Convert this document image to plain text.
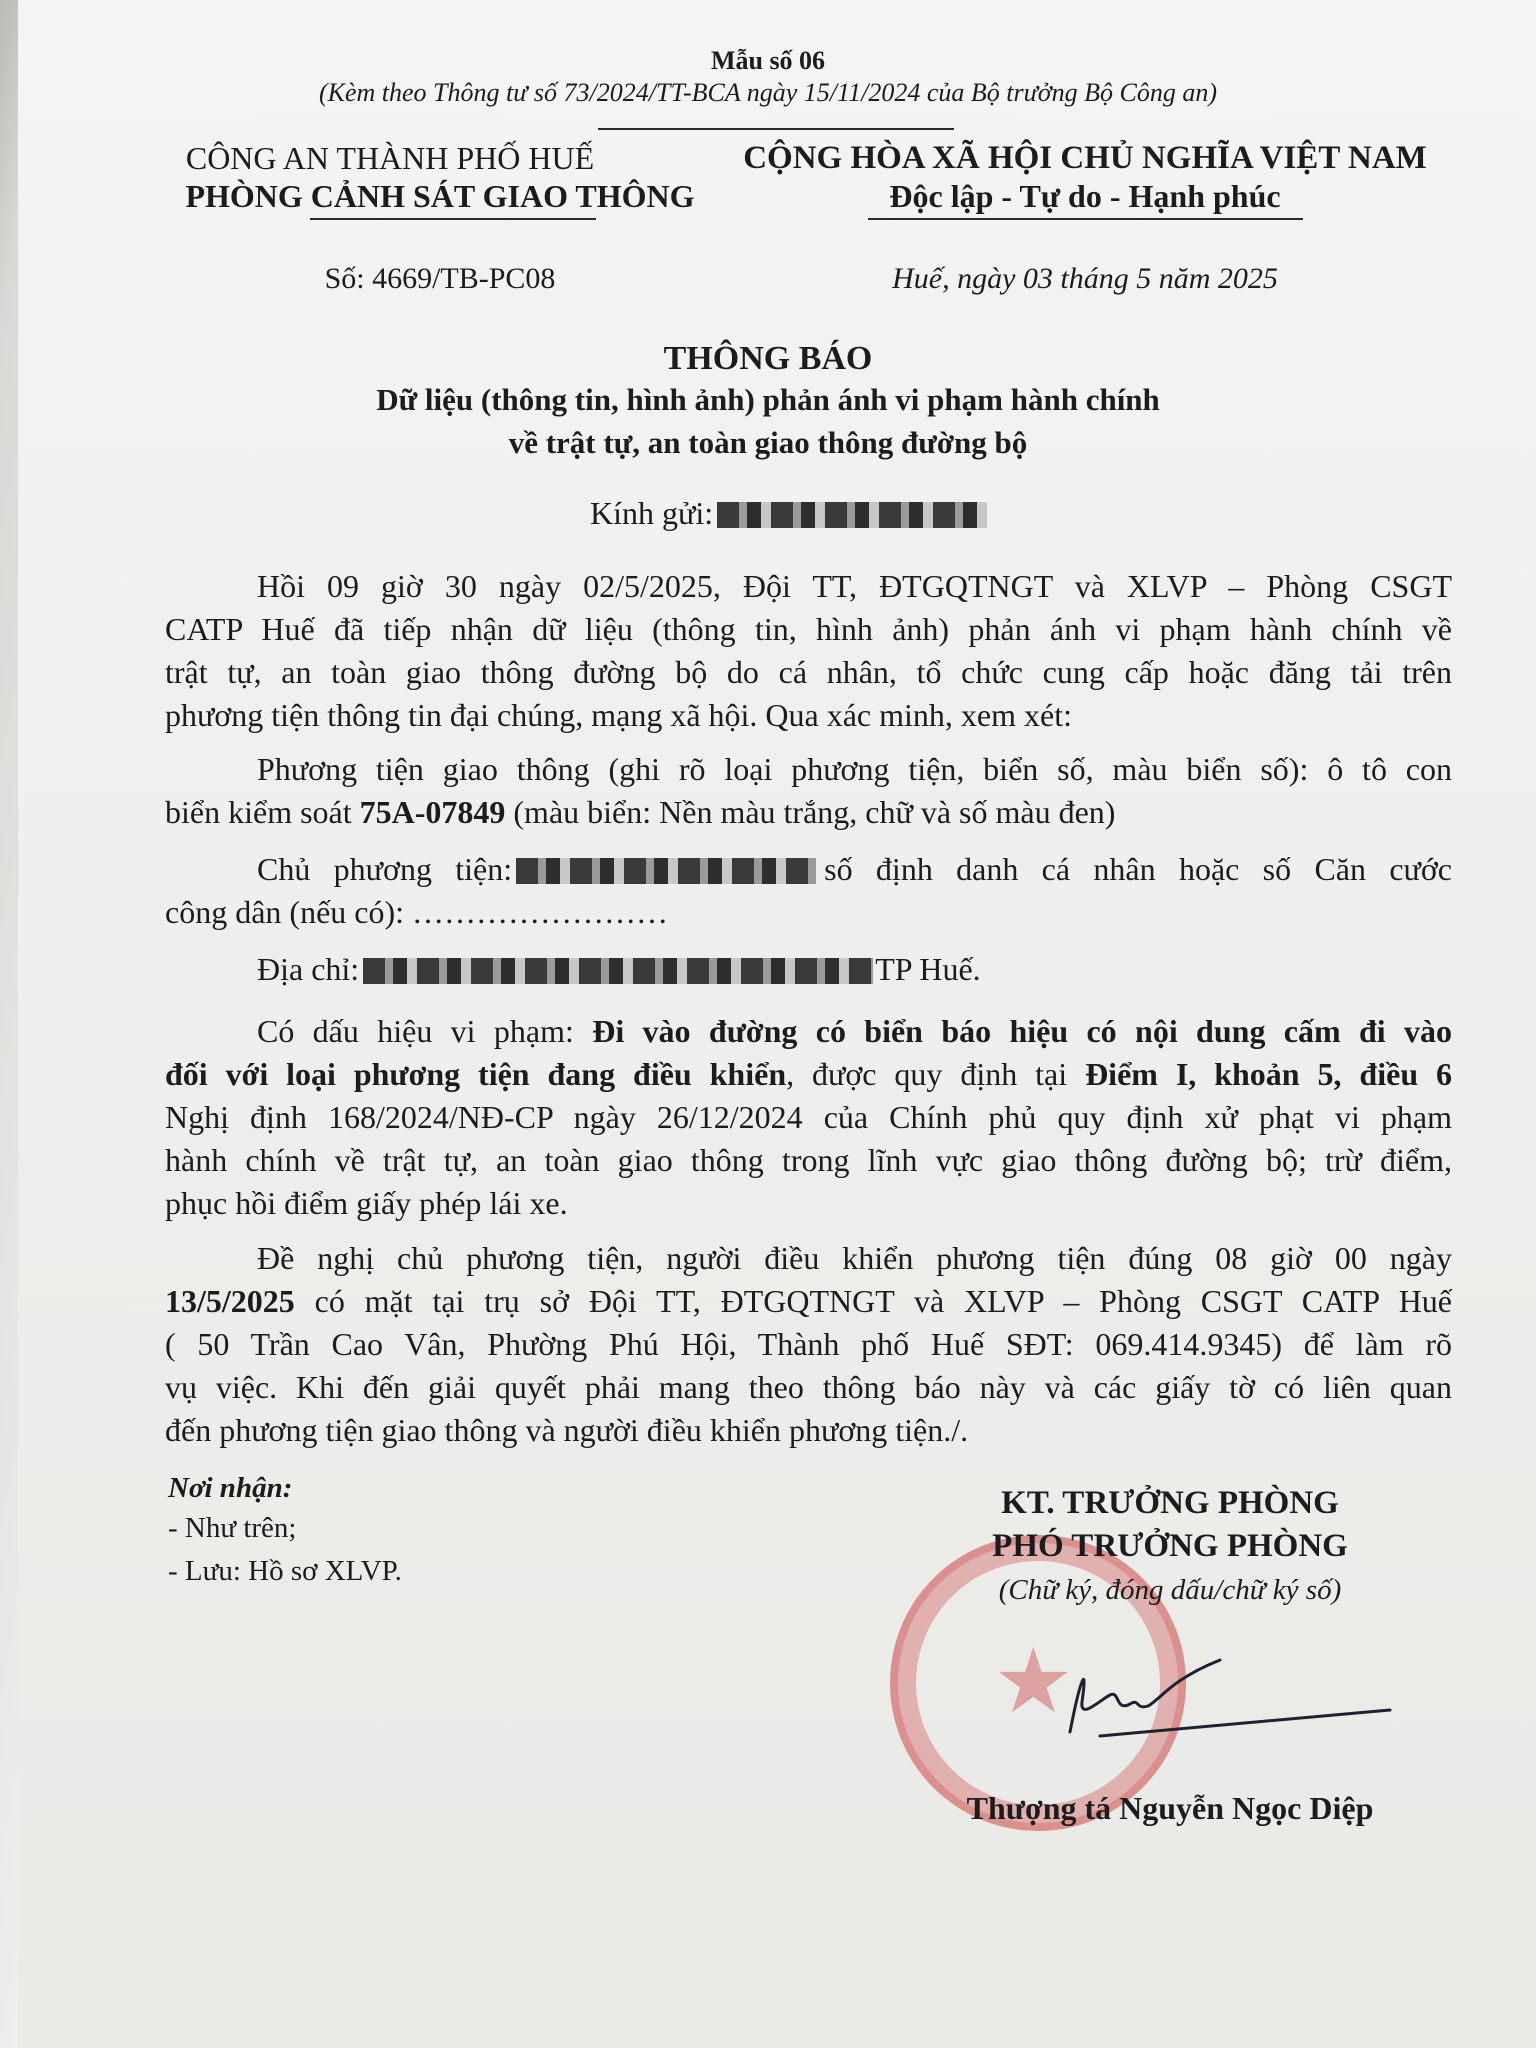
Mẫu số 06
(Kèm theo Thông tư số 73/2024/TT-BCA ngày 15/11/2024 của Bộ trưởng Bộ Công an)
CÔNG AN THÀNH PHỐ HUẾ
PHÒNG CẢNH SÁT GIAO THÔNG
Số: 4669/TB-PC08
CỘNG HÒA XÃ HỘI CHỦ NGHĨA VIỆT NAM
Độc lập - Tự do - Hạnh phúc
Huế, ngày 03 tháng 5 năm 2025
THÔNG BÁO
Dữ liệu (thông tin, hình ảnh) phản ánh vi phạm hành chính
về trật tự, an toàn giao thông đường bộ
Kính gửi:
Hồi 09 giờ 30 ngày 02/5/2025, Đội TT, ĐTGQTNGT và XLVP – Phòng CSGT
CATP Huế đã tiếp nhận dữ liệu (thông tin, hình ảnh) phản ánh vi phạm hành chính về
trật tự, an toàn giao thông đường bộ do cá nhân, tổ chức cung cấp hoặc đăng tải trên
phương tiện thông tin đại chúng, mạng xã hội. Qua xác minh, xem xét:
Phương tiện giao thông (ghi rõ loại phương tiện, biển số, màu biển số): ô tô con
biển kiểm soát 75A-07849 (màu biển: Nền màu trắng, chữ và số màu đen)
Chủ phương tiện:	số định danh cá nhân hoặc số Căn cước
công dân (nếu có): ……………………
Địa chỉ:	TP Huế.
Có dấu hiệu vi phạm: Đi vào đường có biển báo hiệu có nội dung cấm đi vào
đối với loại phương tiện đang điều khiển, được quy định tại Điểm I, khoản 5, điều 6
Nghị định 168/2024/NĐ-CP ngày 26/12/2024 của Chính phủ quy định xử phạt vi phạm
hành chính về trật tự, an toàn giao thông trong lĩnh vực giao thông đường bộ; trừ điểm,
phục hồi điểm giấy phép lái xe.
Đề nghị chủ phương tiện, người điều khiển phương tiện đúng 08 giờ 00 ngày
13/5/2025 có mặt tại trụ sở Đội TT, ĐTGQTNGT và XLVP – Phòng CSGT CATP Huế
( 50 Trần Cao Vân, Phường Phú Hội, Thành phố Huế SĐT: 069.414.9345) để làm rõ
vụ việc. Khi đến giải quyết phải mang theo thông báo này và các giấy tờ có liên quan
đến phương tiện giao thông và người điều khiển phương tiện./.
Nơi nhận:
- Như trên;
- Lưu: Hồ sơ XLVP.
★
KT. TRƯỞNG PHÒNG
PHÓ TRƯỞNG PHÒNG
(Chữ ký, đóng dấu/chữ ký số)
Thượng tá Nguyễn Ngọc Diệp
